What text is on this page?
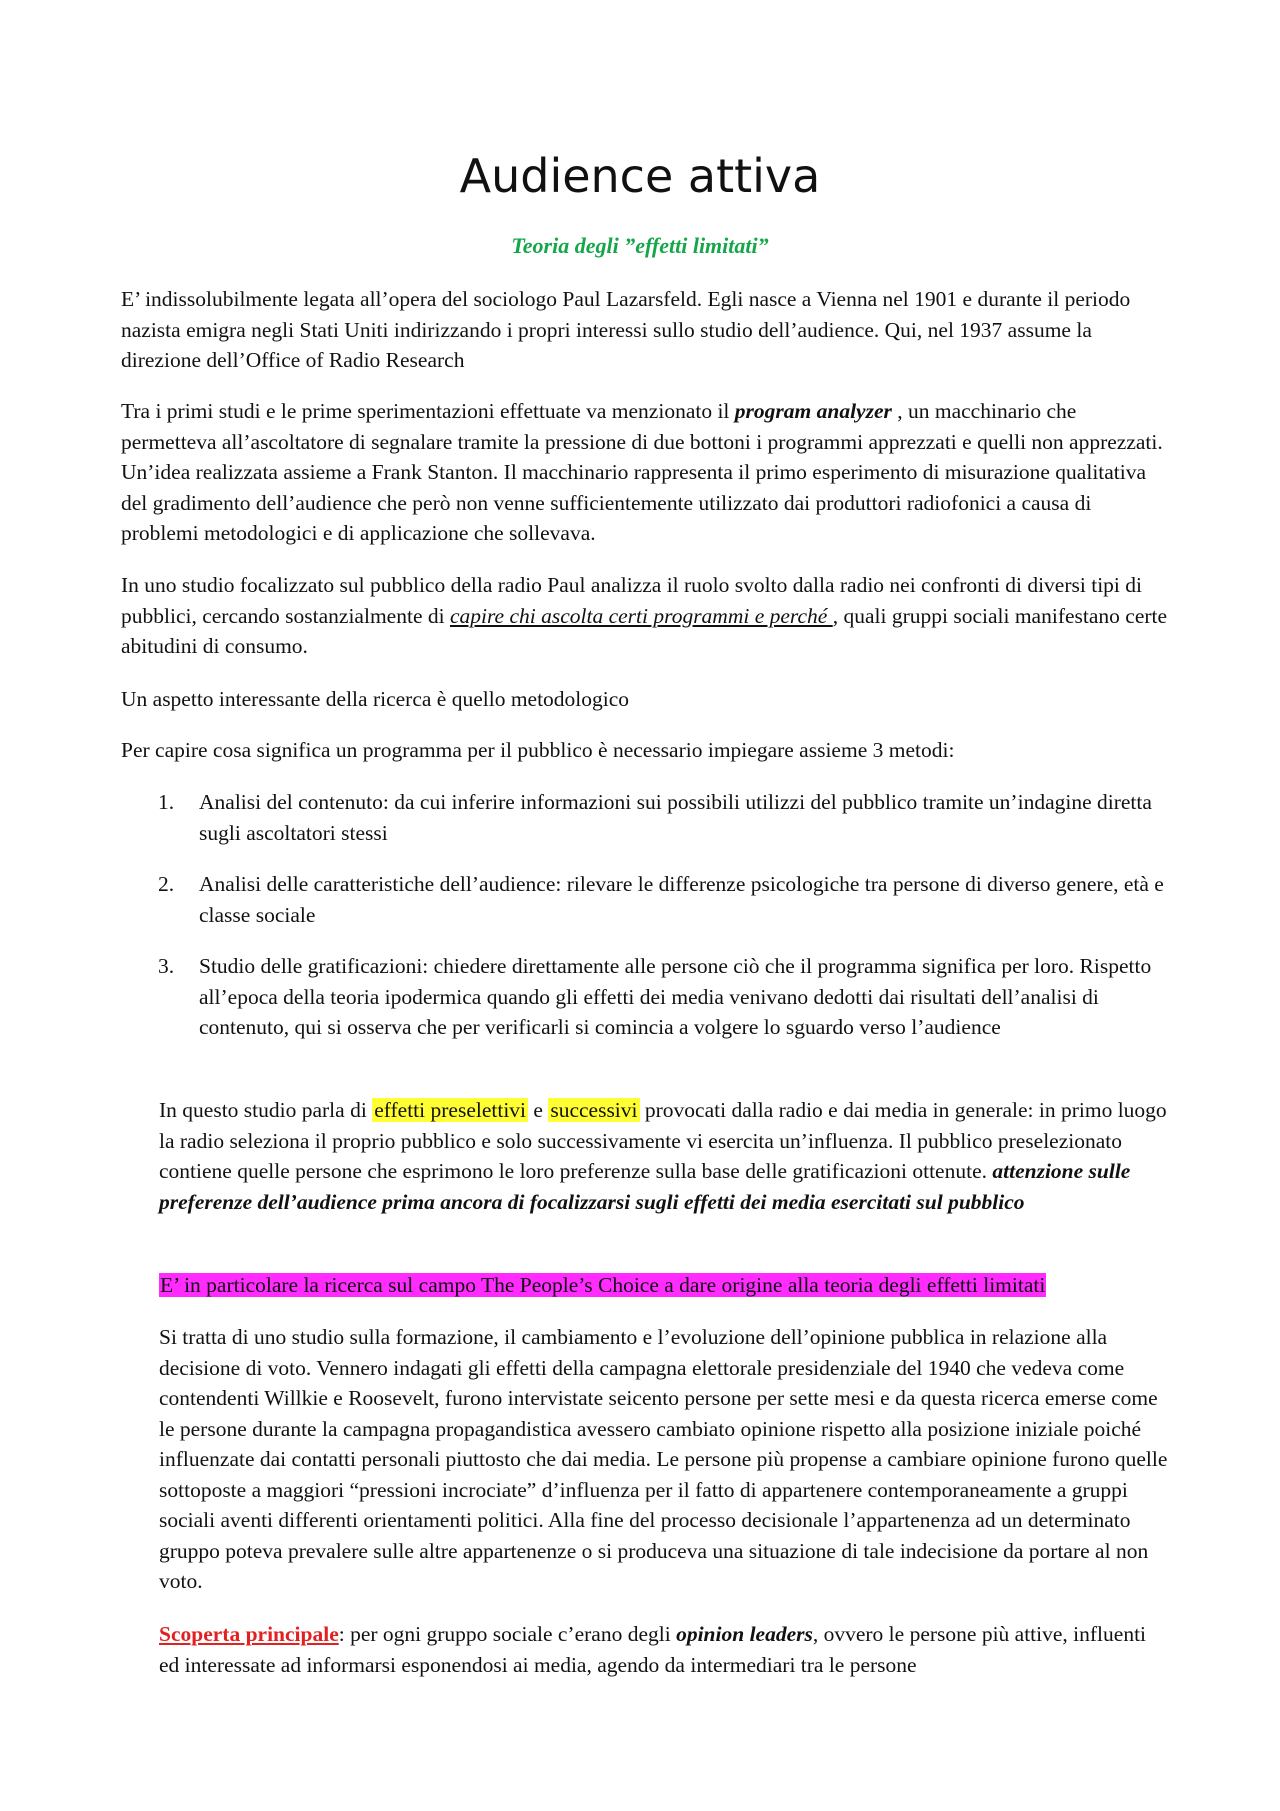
Audience attiva

Teoria degli ”effetti limitati”

E’ indissolubilmente legata all’opera del sociologo Paul Lazarsfeld. Egli nasce a Vienna nel 1901 e durante il periodo nazista emigra negli Stati Uniti indirizzando i propri interessi sullo studio dell’audience. Qui, nel 1937 assume la direzione dell’Office of Radio Research

Tra i primi studi e le prime sperimentazioni effettuate va menzionato il program analyzer , un macchinario che permetteva all’ascoltatore di segnalare tramite la pressione di due bottoni i programmi apprezzati e quelli non apprezzati. Un’idea realizzata assieme a Frank Stanton. Il macchinario rappresenta il primo esperimento di misurazione qualitativa del gradimento dell’audience che però non venne sufficientemente utilizzato dai produttori radiofonici a causa di problemi metodologici e di applicazione che sollevava.

In uno studio focalizzato sul pubblico della radio Paul analizza il ruolo svolto dalla radio nei confronti di diversi tipi di pubblici, cercando sostanzialmente di capire chi ascolta certi programmi e perché , quali gruppi sociali manifestano certe abitudini di consumo.

Un aspetto interessante della ricerca è quello metodologico

Per capire cosa significa un programma per il pubblico è necessario impiegare assieme 3 metodi:

1.	Analisi del contenuto: da cui inferire informazioni sui possibili utilizzi del pubblico tramite un’indagine diretta sugli ascoltatori stessi
2.	Analisi delle caratteristiche dell’audience: rilevare le differenze psicologiche tra persone di diverso genere, età e classe sociale
3.	Studio delle gratificazioni: chiedere direttamente alle persone ciò che il programma significa per loro. Rispetto all’epoca della teoria ipodermica quando gli effetti dei media venivano dedotti dai risultati dell’analisi di contenuto, qui si osserva che per verificarli si comincia a volgere lo sguardo verso l’audience

In questo studio parla di effetti preselettivi e successivi provocati dalla radio e dai media in generale: in primo luogo la radio seleziona il proprio pubblico e solo successivamente vi esercita un’influenza. Il pubblico preselezionato contiene quelle persone che esprimono le loro preferenze sulla base delle gratificazioni ottenute. attenzione sulle preferenze dell’audience prima ancora di focalizzarsi sugli effetti dei media esercitati sul pubblico

E’ in particolare la ricerca sul campo The People’s Choice a dare origine alla teoria degli effetti limitati

Si tratta di uno studio sulla formazione, il cambiamento e l’evoluzione dell’opinione pubblica in relazione alla decisione di voto. Vennero indagati gli effetti della campagna elettorale presidenziale del 1940 che vedeva come contendenti Willkie e Roosevelt, furono intervistate seicento persone per sette mesi e da questa ricerca emerse come le persone durante la campagna propagandistica avessero cambiato opinione rispetto alla posizione iniziale poiché influenzate dai contatti personali piuttosto che dai media. Le persone più propense a cambiare opinione furono quelle sottoposte a maggiori “pressioni incrociate” d’influenza per il fatto di appartenere contemporaneamente a gruppi sociali aventi differenti orientamenti politici. Alla fine del processo decisionale l’appartenenza ad un determinato gruppo poteva prevalere sulle altre appartenenze o si produceva una situazione di tale indecisione da portare al non voto.

Scoperta principale: per ogni gruppo sociale c’erano degli opinion leaders, ovvero le persone più attive, influenti ed interessate ad informarsi esponendosi ai media, agendo da intermediari tra le persone
